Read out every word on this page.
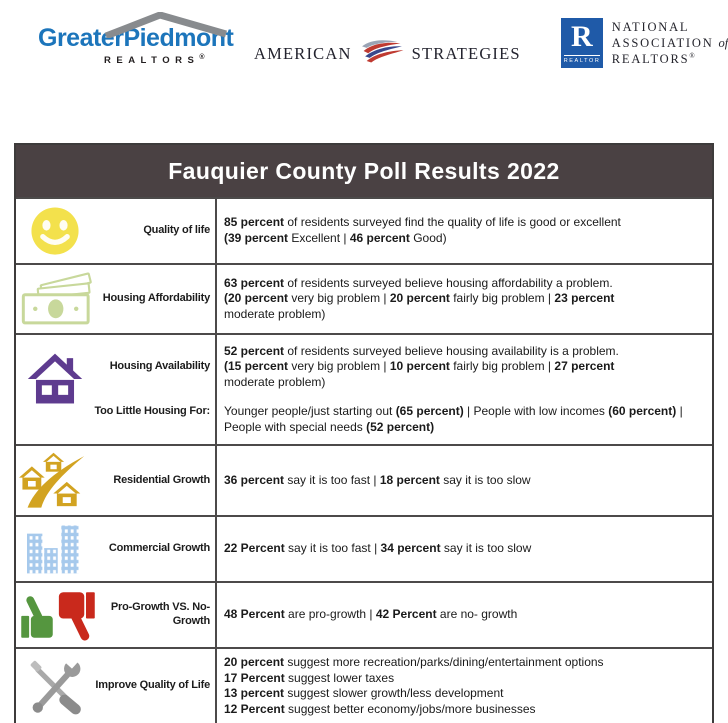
GreaterPiedmont
REALTORS®	AMERICAN	STRATEGIES R
REALTOR
NATIONAL
ASSOCIATION of
REALTORS®
Fauquier County Poll Results 2022
Quality of life

85 percent of residents surveyed find the quality of life is good or excellent

(39 percent Excellent | 46 percent Good)

Housing Affordability

63 percent of residents surveyed believe housing affordability a problem.

(20 percent very big problem | 20 percent fairly big problem | 23 percent
moderate problem)

Housing Availability
Too Little Housing For:

52 percent of residents surveyed believe housing availability is a problem.

(15 percent very big problem | 10 percent fairly big problem | 27 percent
moderate problem)

Younger people/just starting out (65 percent) | People with low incomes (60 percent) | People with special needs (52 percent)

Residential Growth 36 percent say it is too fast | 18 percent say it is too slow

Commercial Growth 22 Percent say it is too fast | 34 percent say it is too slow

Pro-Growth VS. No-Growth 48 Percent are pro-growth | 42 Percent are no- growth

Improve Quality of Life

20 percent suggest more recreation/parks/dining/entertainment options

17 Percent suggest lower taxes

13 percent suggest slower growth/less development

12 Percent suggest better economy/jobs/more businesses
